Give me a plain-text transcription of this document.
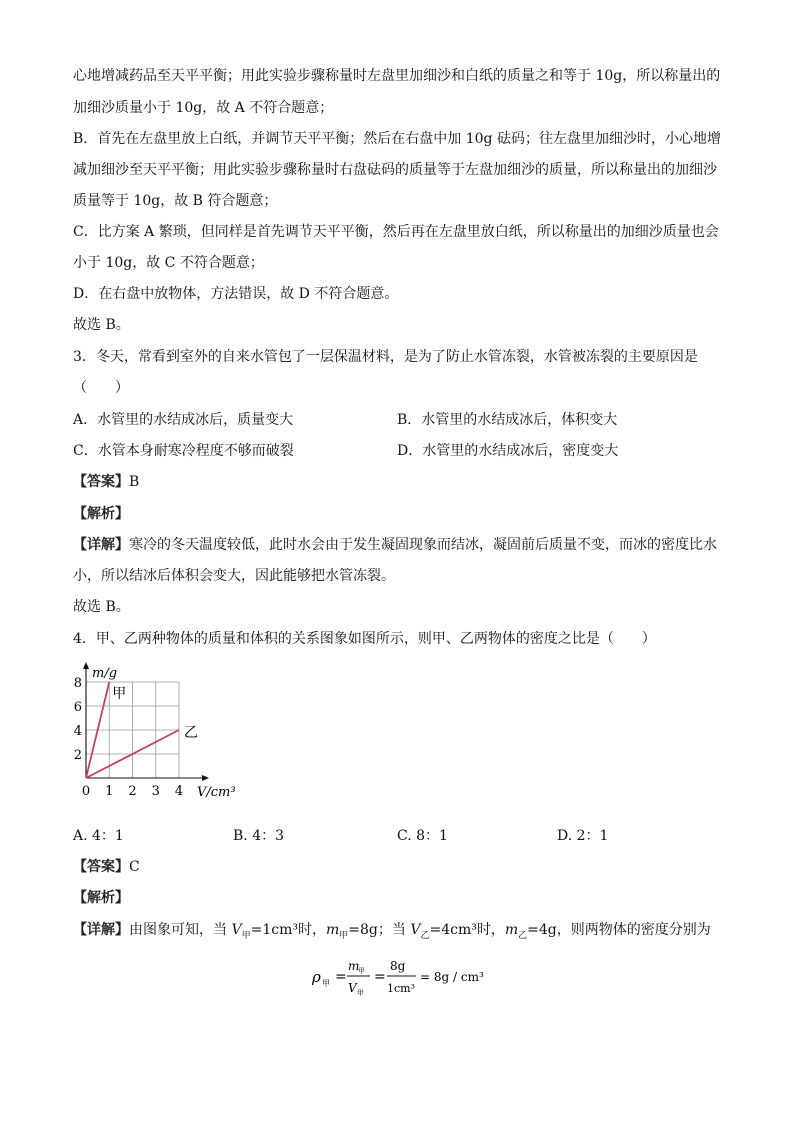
心地增减药品至天平平衡；用此实验步骤称量时左盘里加细沙和白纸的质量之和等于 10g，所以称量出的
加细沙质量小于 10g，故 A 不符合题意；
B．首先在左盘里放上白纸，并调节天平平衡；然后在右盘中加 10g 砝码；往左盘里加细沙时，小心地增
减加细沙至天平平衡；用此实验步骤称量时右盘砝码的质量等于左盘加细沙的质量，所以称量出的加细沙
质量等于 10g，故 B 符合题意；
C．比方案 A 繁琐，但同样是首先调节天平平衡，然后再在左盘里放白纸，所以称量出的加细沙质量也会
小于 10g，故 C 不符合题意；
D．在右盘中放物体，方法错误，故 D 不符合题意。
故选 B。
3．冬天，常看到室外的自来水管包了一层保温材料，是为了防止水管冻裂，水管被冻裂的主要原因是
（　　）
A．水管里的水结成冰后，质量变大	B．水管里的水结成冰后，体积变大
C．水管本身耐寒冷程度不够而破裂	D．水管里的水结成冰后，密度变大
【答案】B
【解析】
【详解】寒冷的冬天温度较低，此时水会由于发生凝固现象而结冰，凝固前后质量不变，而冰的密度比水
小，所以结冰后体积会变大，因此能够把水管冻裂。
故选 B。
4．甲、乙两种物体的质量和体积的关系图象如图所示，则甲、乙两物体的密度之比是（　　）
0 1 2 3 4
2
4
6
8
V/cm³
m/g
甲
乙
A. 4：1	B. 4：3	C. 8：1	D. 2：1
【答案】C
【解析】
【详解】由图象可知，当 $V_甲=1cm^3$时，$m_甲=8g$；当 $V_乙=4cm^3$时，$m_乙=4g$，则两物体的密度分别为
ρ 甲 =
m
甲
V 甲
=
8g
1cm³
= 8g / cm³
